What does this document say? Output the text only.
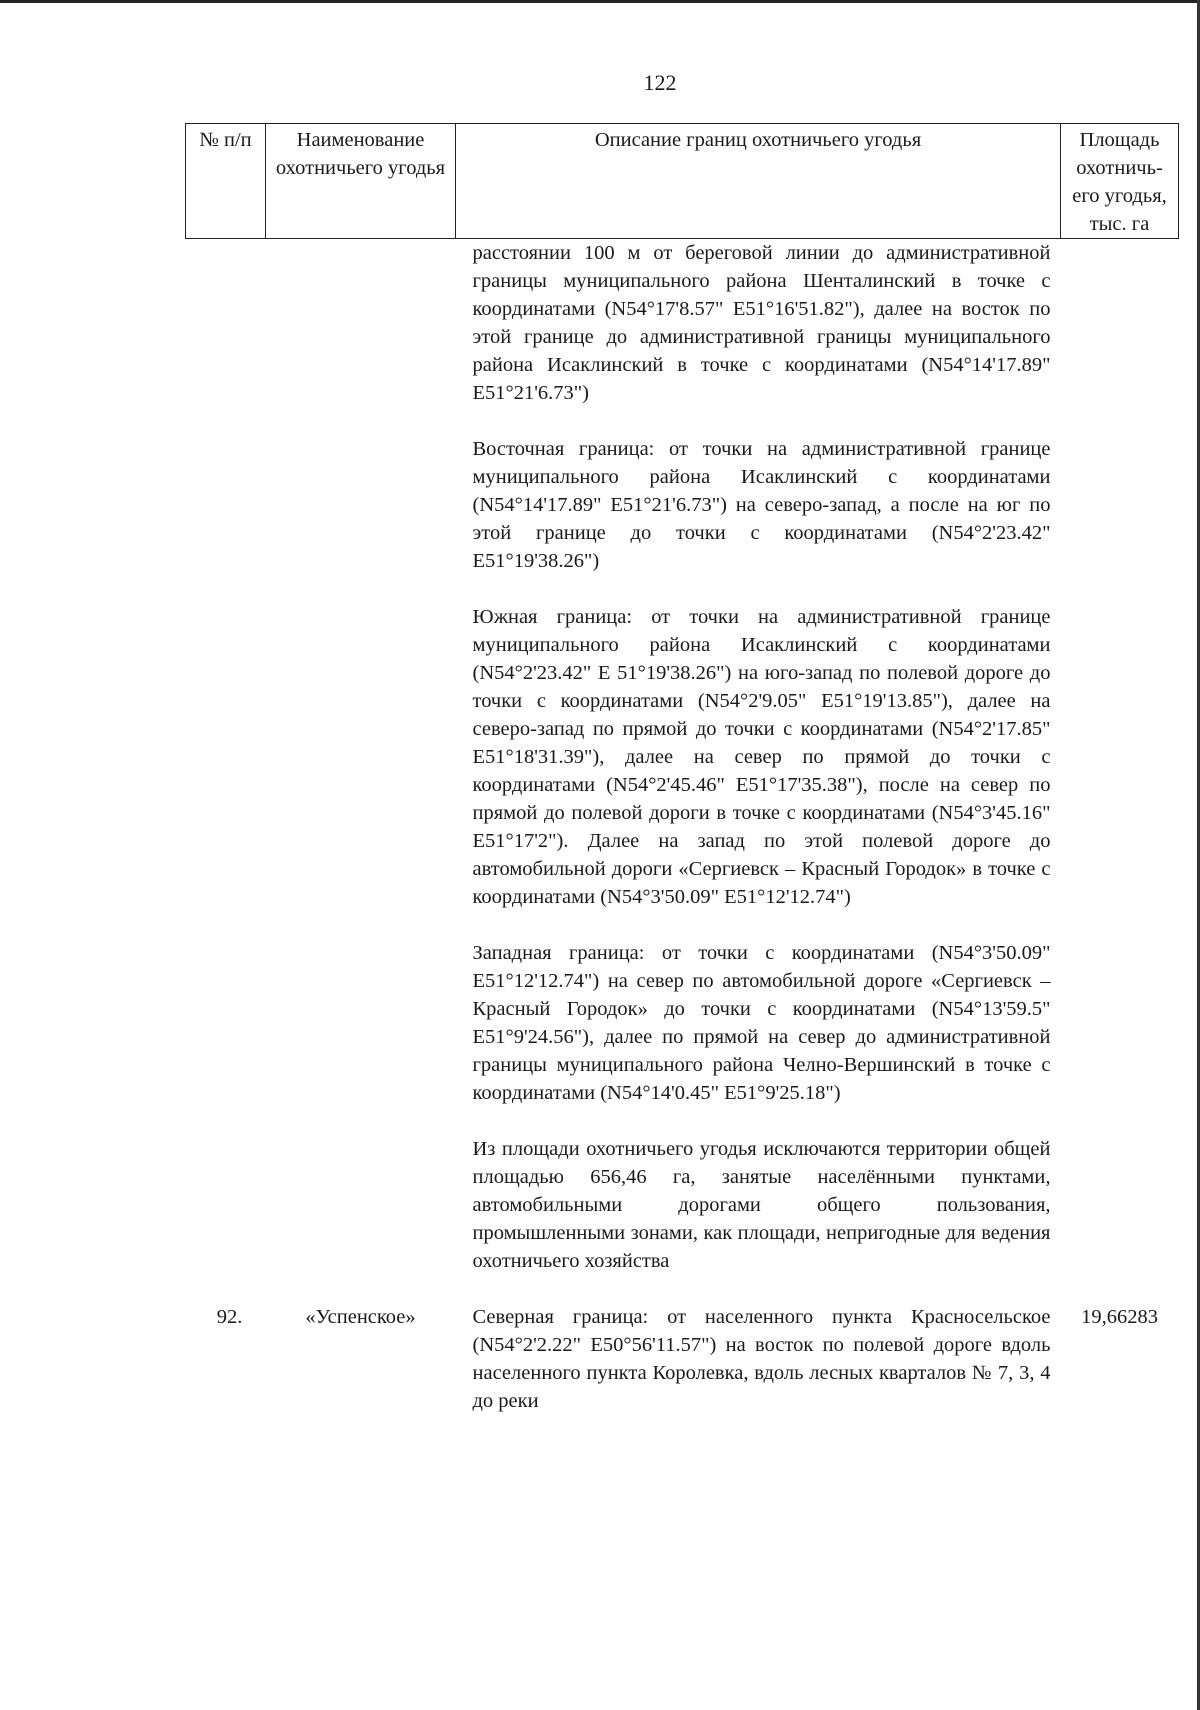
122
№ п/п	Наименование охотничьего угодья	Описание границ охотничьего угодья	Площадь охотничь-его угодья, тыс. га

		расстоянии 100 м от береговой линии до административной границы муниципального района Шенталинский в точке с координатами (N54°17'8.57" E51°16'51.82"), далее на восток по этой границе до административной границы муниципального района Исаклинский в точке с координатами (N54°14'17.89" E51°21'6.73")

Восточная граница: от точки на административной границе муниципального района Исаклинский с координатами (N54°14'17.89" E51°21'6.73") на северо-запад, а после на юг по этой границе до точки с координатами (N54°2'23.42" E51°19'38.26")

Южная граница: от точки на административной границе муниципального района Исаклинский с координатами (N54°2'23.42" E 51°19'38.26") на юго-запад по полевой дороге до точки с координатами (N54°2'9.05" E51°19'13.85"), далее на северо-запад по прямой до точки с координатами (N54°2'17.85" E51°18'31.39"), далее на север по прямой до точки с координатами (N54°2'45.46" E51°17'35.38"), после на север по прямой до полевой дороги в точке с координатами (N54°3'45.16" E51°17'2"). Далее на запад по этой полевой дороге до автомобильной дороги «Сергиевск – Красный Городок» в точке с координатами (N54°3'50.09" E51°12'12.74")

Западная граница: от точки с координатами (N54°3'50.09" E51°12'12.74") на север по автомобильной дороге «Сергиевск – Красный Городок» до точки с координатами (N54°13'59.5" E51°9'24.56"), далее по прямой на север до административной границы муниципального района Челно-Вершинский в точке с координатами (N54°14'0.45" E51°9'25.18")

Из площади охотничьего угодья исключаются территории общей площадью 656,46 га, занятые населёнными пунктами, автомобильными дорогами общего пользования, промышленными зонами, как площади, непригодные для ведения охотничьего хозяйства	

92.	«Успенское»	Северная граница: от населенного пункта Красносельское (N54°2'2.22" E50°56'11.57") на восток по полевой дороге вдоль населенного пункта Королевка, вдоль лесных кварталов № 7, 3, 4 до реки	19,66283
